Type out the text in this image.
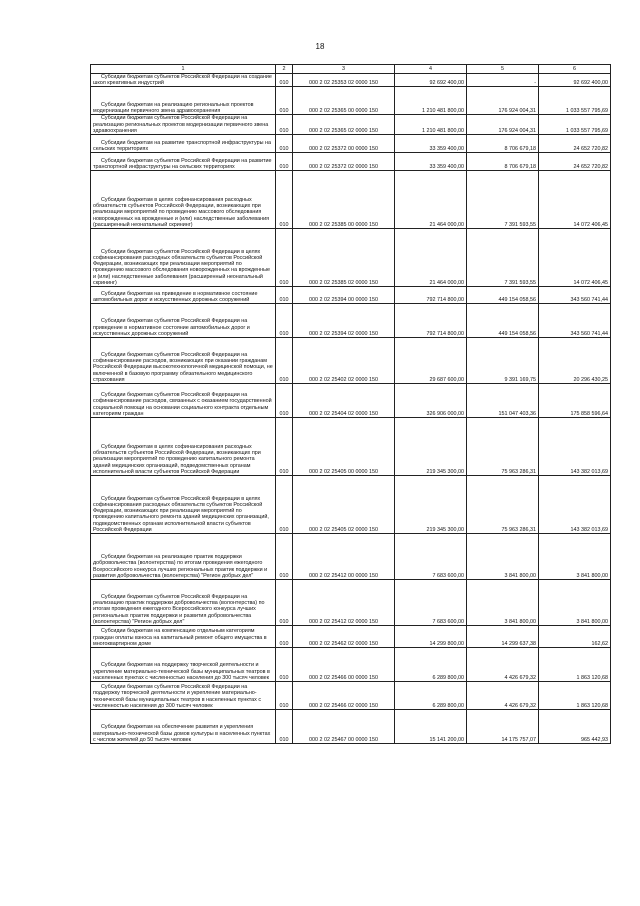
18
1	2	3	4	5	6
Субсидии бюджетам субъектов Российской Федерации на создание школ креативных индустрий	010	000 2 02 25353 02 0000 150	92 692 400,00	-	92 692 400,00
Субсидии бюджетам на реализацию региональных проектов модернизации первичного звена здравоохранения	010	000 2 02 25365 00 0000 150	1 210 481 800,00	176 924 004,31	1 033 557 795,69
Субсидии бюджетам субъектов Российской Федерации на реализацию региональных проектов модернизации первичного звена здравоохранения	010	000 2 02 25365 02 0000 150	1 210 481 800,00	176 924 004,31	1 033 557 795,69
Субсидии бюджетам на развитие транспортной инфраструктуры на сельских территориях	010	000 2 02 25372 00 0000 150	33 359 400,00	8 706 679,18	24 652 720,82
Субсидии бюджетам субъектов Российской Федерации на развитие транспортной инфраструктуры на сельских территориях	010	000 2 02 25372 02 0000 150	33 359 400,00	8 706 679,18	24 652 720,82
Субсидии бюджетам в целях софинансирования расходных обязательств субъектов Российской Федерации, возникающих при реализации мероприятий по проведению массового обследования новорожденных на врожденные и (или) наследственные заболевания (расширенный неонатальный скрининг)	010	000 2 02 25385 00 0000 150	21 464 000,00	7 391 593,55	14 072 406,45
Субсидии бюджетам субъектов Российской Федерации в целях софинансирования расходных обязательств субъектов Российской Федерации, возникающих при реализации мероприятий по проведению массового обследования новорожденных на врожденные и (или) наследственные заболевания (расширенный неонатальный скрининг)	010	000 2 02 25385 02 0000 150	21 464 000,00	7 391 593,55	14 072 406,45
Субсидии бюджетам на приведение в нормативное состояние автомобильных дорог и искусственных дорожных сооружений	010	000 2 02 25394 00 0000 150	792 714 800,00	449 154 058,56	343 560 741,44
Субсидии бюджетам субъектов Российской Федерации на приведение в нормативное состояние автомобильных дорог и искусственных дорожных сооружений	010	000 2 02 25394 02 0000 150	792 714 800,00	449 154 058,56	343 560 741,44
Субсидии бюджетам субъектов Российской Федерации на софинансирование расходов, возникающих при оказании гражданам Российской Федерации высокотехнологичной медицинской помощи, не включенной в базовую программу обязательного медицинского страхования	010	000 2 02 25402 02 0000 150	29 687 600,00	9 391 169,75	20 296 430,25
Субсидии бюджетам субъектов Российской Федерации на софинансирование расходов, связанных с оказанием государственной социальной помощи на основании социального контракта отдельным категориям граждан	010	000 2 02 25404 02 0000 150	326 906 000,00	151 047 403,36	175 858 596,64
Субсидии бюджетам в целях софинансирования расходных обязательств субъектов Российской Федерации, возникающих при реализации мероприятий по проведению капитального ремонта зданий медицинских организаций, подведомственных органам исполнительной власти субъектов Российской Федерации	010	000 2 02 25405 00 0000 150	219 345 300,00	75 963 286,31	143 382 013,69
Субсидии бюджетам субъектов Российской Федерации в целях софинансирования расходных обязательств субъектов Российской Федерации, возникающих при реализации мероприятий по проведению капитального ремонта зданий медицинских организаций, подведомственных органам исполнительной власти субъектов Российской Федерации	010	000 2 02 25405 02 0000 150	219 345 300,00	75 963 286,31	143 382 013,69
Субсидии бюджетам на реализацию практик поддержки добровольчества (волонтерства) по итогам проведения ежегодного Всероссийского конкурса лучших региональных практик поддержки и развития добровольчества (волонтерства) "Регион добрых дел"	010	000 2 02 25412 00 0000 150	7 683 600,00	3 841 800,00	3 841 800,00
Субсидии бюджетам субъектов Российской Федерации на реализацию практик поддержки добровольчества (волонтерства) по итогам проведения ежегодного Всероссийского конкурса лучших региональных практик поддержки и развития добровольчества (волонтерства) "Регион добрых дел"	010	000 2 02 25412 02 0000 150	7 683 600,00	3 841 800,00	3 841 800,00
Субсидии бюджетам на компенсацию отдельным категориям граждан оплаты взноса на капитальный ремонт общего имущества в многоквартирном доме	010	000 2 02 25462 02 0000 150	14 299 800,00	14 299 637,38	162,62
Субсидии бюджетам на поддержку творческой деятельности и укрепление материально-технической базы муниципальных театров в населенных пунктах с численностью населения до 300 тысяч человек	010	000 2 02 25466 00 0000 150	6 289 800,00	4 426 679,32	1 863 120,68
Субсидии бюджетам субъектов Российской Федерации на поддержку творческой деятельности и укрепление материально-технической базы муниципальных театров в населенных пунктах с численностью населения до 300 тысяч человек	010	000 2 02 25466 02 0000 150	6 289 800,00	4 426 679,32	1 863 120,68
Субсидии бюджетам на обеспечение развития и укрепления материально-технической базы домов культуры в населенных пунктах с числом жителей до 50 тысяч человек	010	000 2 02 25467 00 0000 150	15 141 200,00	14 175 757,07	965 442,93
